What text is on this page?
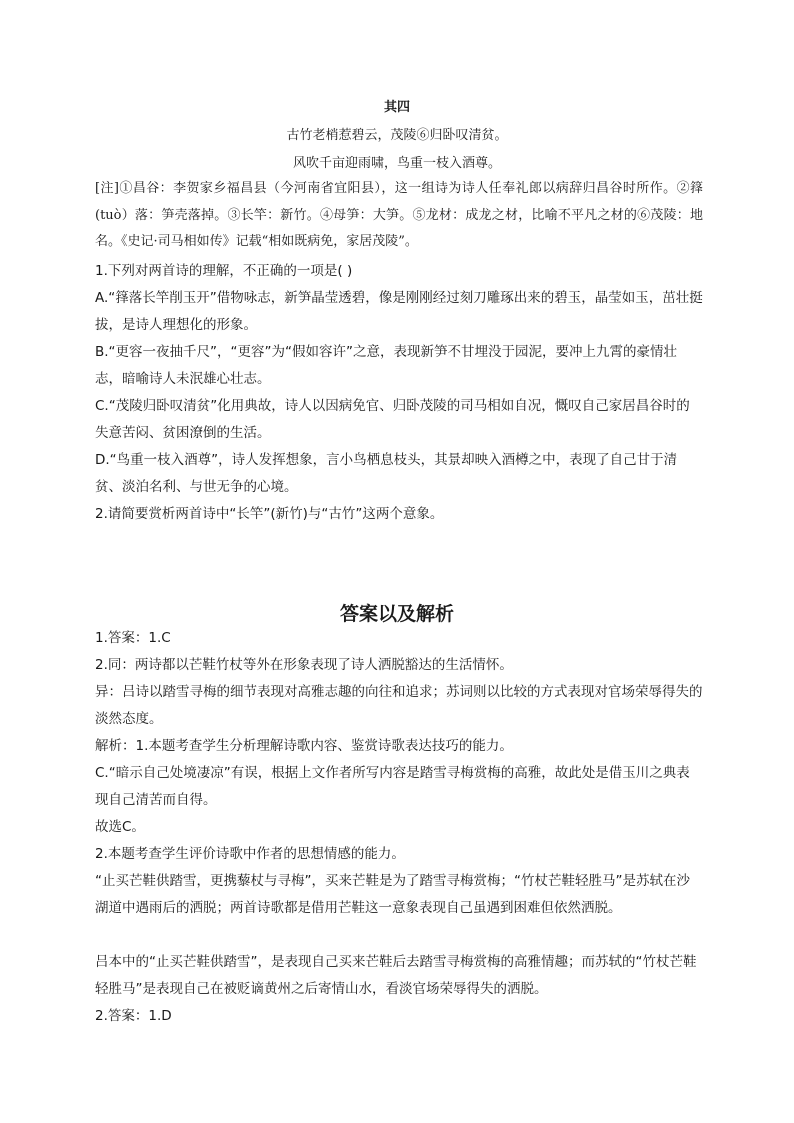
其四
古竹老梢惹碧云，茂陵⑥归卧叹清贫。
风吹千亩迎雨啸，鸟重一枝入酒尊。

[注]①昌谷：李贺家乡福昌县（今河南省宜阳县），这一组诗为诗人任奉礼郎以病辞归昌谷时所作。②箨(tuò）落：笋壳落掉。③长竿：新竹。④母笋：大笋。⑤龙材：成龙之材，比喻不平凡之材的⑥茂陵：地名。《史记·司马相如传》记载“相如既病免，家居茂陵”。

1.下列对两首诗的理解，不正确的一项是( )

A.“箨落长竿削玉开”借物咏志，新笋晶莹透碧，像是刚刚经过刻刀雕琢出来的碧玉，晶莹如玉，茁壮挺拔，是诗人理想化的形象。

B.“更容一夜抽千尺”，“更容”为“假如容许”之意，表现新笋不甘埋没于园泥，要冲上九霄的豪情壮志，暗喻诗人未泯雄心壮志。

C.“茂陵归卧叹清贫”化用典故，诗人以因病免官、归卧茂陵的司马相如自况，慨叹自己家居昌谷时的失意苦闷、贫困潦倒的生活。

D.“鸟重一枝入酒尊”，诗人发挥想象，言小鸟栖息枝头，其景却映入酒樽之中，表现了自己甘于清贫、淡泊名利、与世无争的心境。

2.请简要赏析两首诗中“长竿”(新竹)与“古竹”这两个意象。

答案以及解析

1.答案：1.C

2.同：两诗都以芒鞋竹杖等外在形象表现了诗人洒脱豁达的生活情怀。

异：吕诗以踏雪寻梅的细节表现对高雅志趣的向往和追求；苏词则以比较的方式表现对官场荣辱得失的淡然态度。

解析：1.本题考查学生分析理解诗歌内容、鉴赏诗歌表达技巧的能力。

C.“暗示自己处境凄凉”有误，根据上文作者所写内容是踏雪寻梅赏梅的高雅，故此处是借玉川之典表现自己清苦而自得。

故选C。

2.本题考查学生评价诗歌中作者的思想情感的能力。

“止买芒鞋供踏雪，更携藜杖与寻梅”，买来芒鞋是为了踏雪寻梅赏梅；“竹杖芒鞋轻胜马”是苏轼在沙湖道中遇雨后的洒脱；两首诗歌都是借用芒鞋这一意象表现自己虽遇到困难但依然洒脱。

吕本中的“止买芒鞋供踏雪”，是表现自己买来芒鞋后去踏雪寻梅赏梅的高雅情趣；而苏轼的“竹杖芒鞋轻胜马”是表现自己在被贬谪黄州之后寄情山水，看淡官场荣辱得失的洒脱。

2.答案：1.D
